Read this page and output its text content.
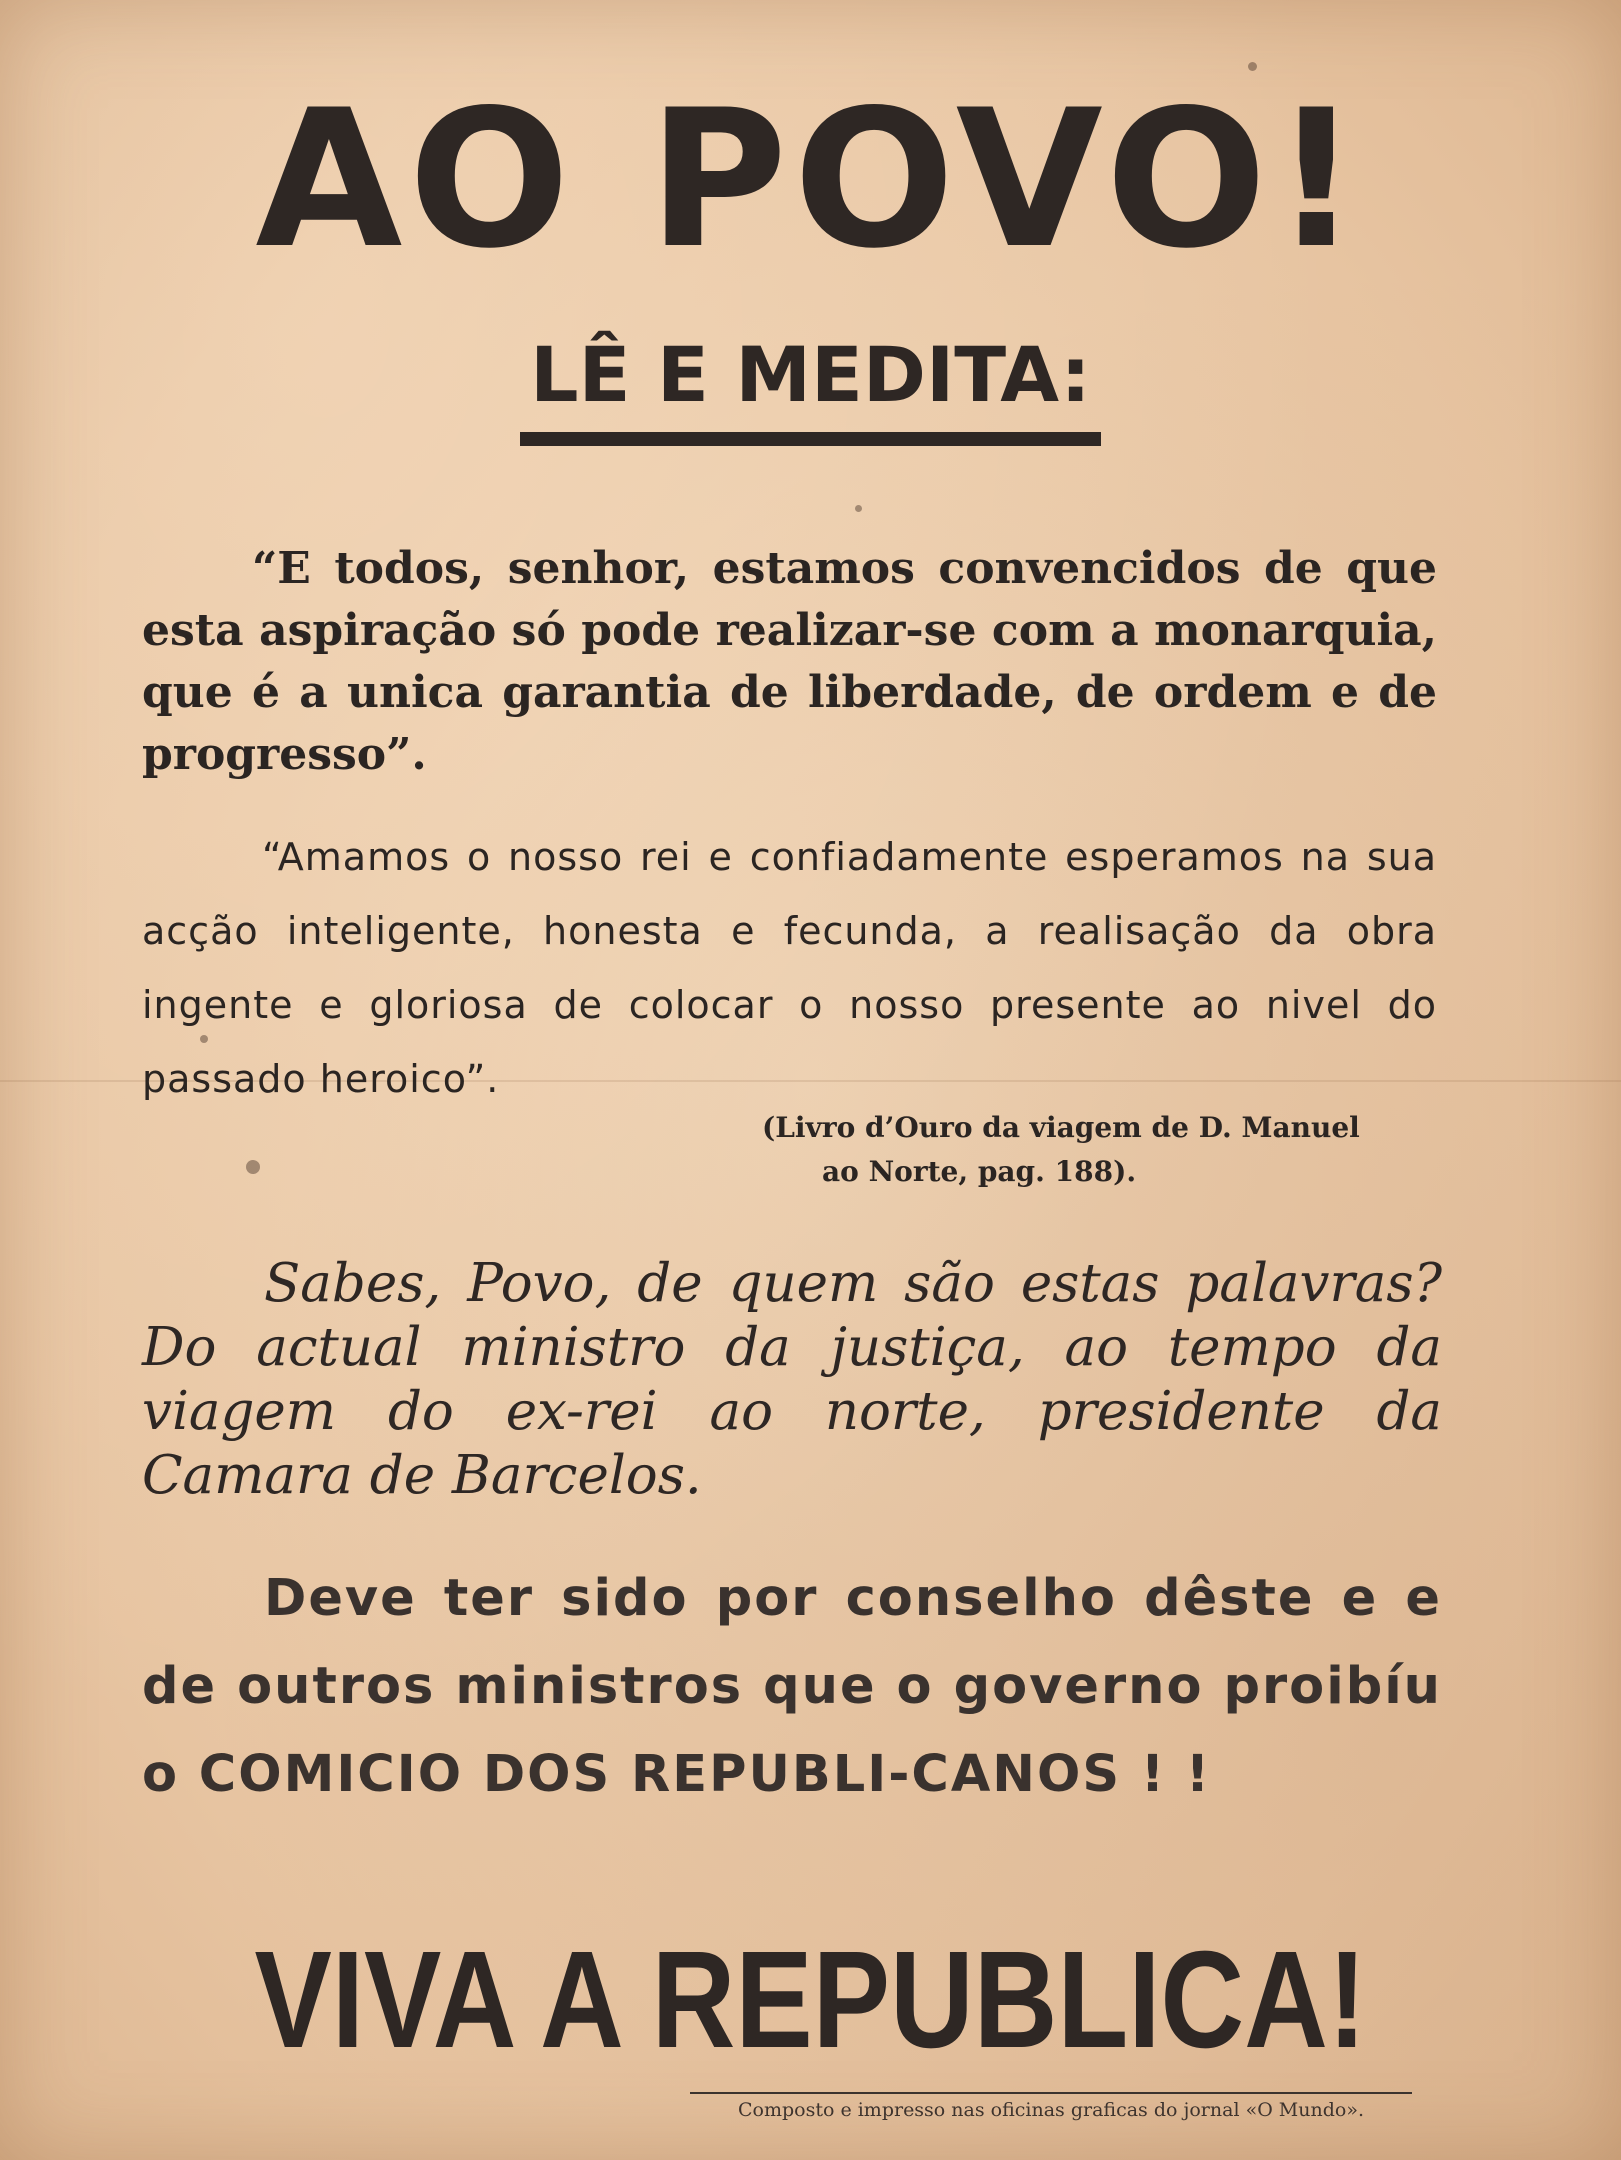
AO POVO!
LÊ E MEDITA:

“E todos, senhor, estamos convencidos de que esta aspiração só pode realizar-se com a monarquia, que é a unica garantia de liberdade, de ordem e de progresso”.

“Amamos o nosso rei e confiadamente esperamos na sua acção inteligente, honesta e fecunda, a realisação da obra ingente e gloriosa de colocar o nosso presente ao nivel do passado heroico”.

(Livro d’Ouro da viagem de D. Manuel
ao Norte, pag. 188).

Sabes, Povo, de quem são estas palavras? Do actual ministro da justiça, ao tempo da viagem do ex-rei ao norte, presidente da Camara de Barcelos.

Deve ter sido por conselho dêste e e de outros ministros que o governo proibíu o COMICIO DOS REPUBLI-CANOS ! !

VIVA A REPUBLICA!
Composto e impresso nas oficinas graficas do jornal «O Mundo».
